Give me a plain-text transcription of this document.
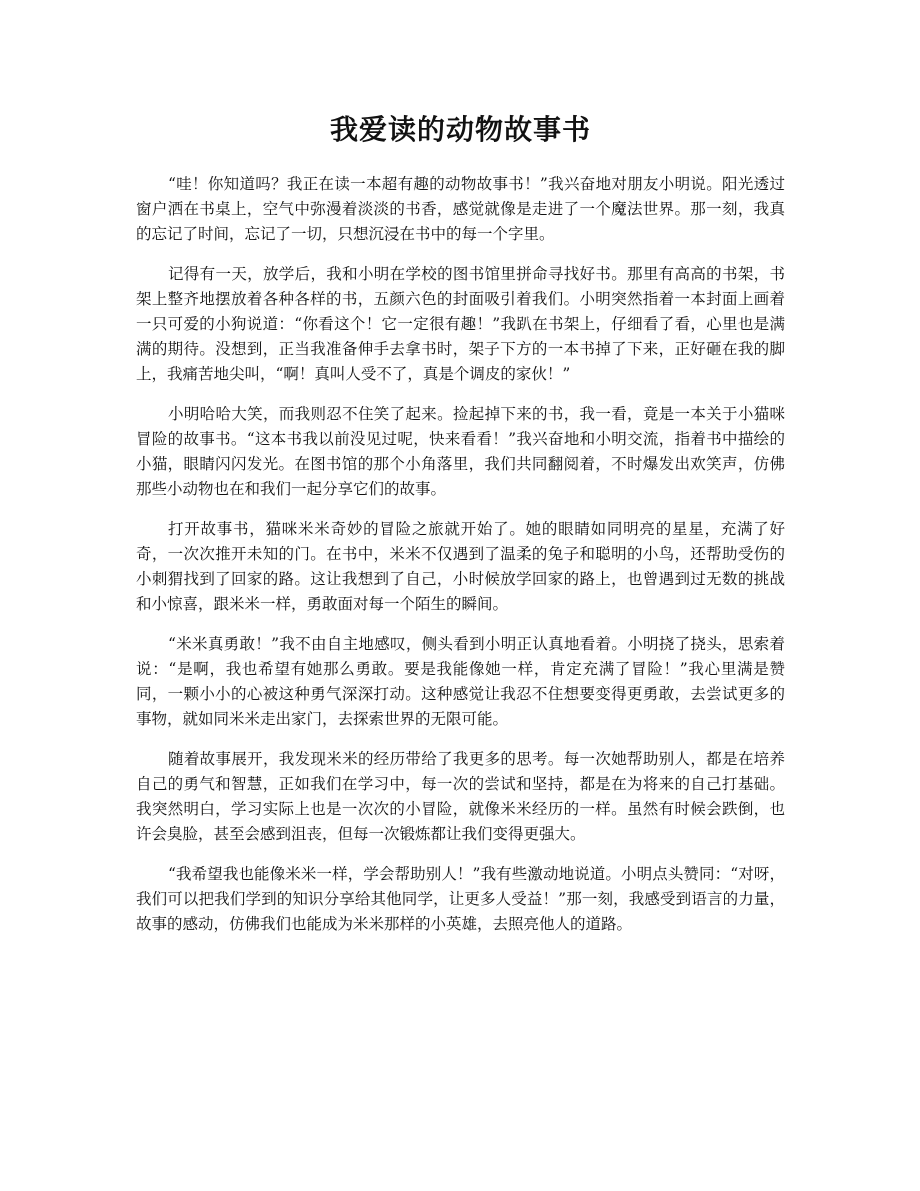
我爱读的动物故事书

“哇！你知道吗？我正在读一本超有趣的动物故事书！”我兴奋地对朋友小明说。阳光透过窗户洒在书桌上，空气中弥漫着淡淡的书香，感觉就像是走进了一个魔法世界。那一刻，我真的忘记了时间，忘记了一切，只想沉浸在书中的每一个字里。

记得有一天，放学后，我和小明在学校的图书馆里拼命寻找好书。那里有高高的书架，书架上整齐地摆放着各种各样的书，五颜六色的封面吸引着我们。小明突然指着一本封面上画着一只可爱的小狗说道：“你看这个！它一定很有趣！”我趴在书架上，仔细看了看，心里也是满满的期待。没想到，正当我准备伸手去拿书时，架子下方的一本书掉了下来，正好砸在我的脚上，我痛苦地尖叫，“啊！真叫人受不了，真是个调皮的家伙！”

小明哈哈大笑，而我则忍不住笑了起来。捡起掉下来的书，我一看，竟是一本关于小猫咪冒险的故事书。“这本书我以前没见过呢，快来看看！”我兴奋地和小明交流，指着书中描绘的小猫，眼睛闪闪发光。在图书馆的那个小角落里，我们共同翻阅着，不时爆发出欢笑声，仿佛那些小动物也在和我们一起分享它们的故事。

打开故事书，猫咪米米奇妙的冒险之旅就开始了。她的眼睛如同明亮的星星，充满了好奇，一次次推开未知的门。在书中，米米不仅遇到了温柔的兔子和聪明的小鸟，还帮助受伤的小刺猬找到了回家的路。这让我想到了自己，小时候放学回家的路上，也曾遇到过无数的挑战和小惊喜，跟米米一样，勇敢面对每一个陌生的瞬间。

“米米真勇敢！”我不由自主地感叹，侧头看到小明正认真地看着。小明挠了挠头，思索着说：“是啊，我也希望有她那么勇敢。要是我能像她一样，肯定充满了冒险！”我心里满是赞同，一颗小小的心被这种勇气深深打动。这种感觉让我忍不住想要变得更勇敢，去尝试更多的事物，就如同米米走出家门，去探索世界的无限可能。

随着故事展开，我发现米米的经历带给了我更多的思考。每一次她帮助别人，都是在培养自己的勇气和智慧，正如我们在学习中，每一次的尝试和坚持，都是在为将来的自己打基础。我突然明白，学习实际上也是一次次的小冒险，就像米米经历的一样。虽然有时候会跌倒，也许会臭脸，甚至会感到沮丧，但每一次锻炼都让我们变得更强大。

“我希望我也能像米米一样，学会帮助别人！”我有些激动地说道。小明点头赞同：“对呀，我们可以把我们学到的知识分享给其他同学，让更多人受益！”那一刻，我感受到语言的力量，故事的感动，仿佛我们也能成为米米那样的小英雄，去照亮他人的道路。
